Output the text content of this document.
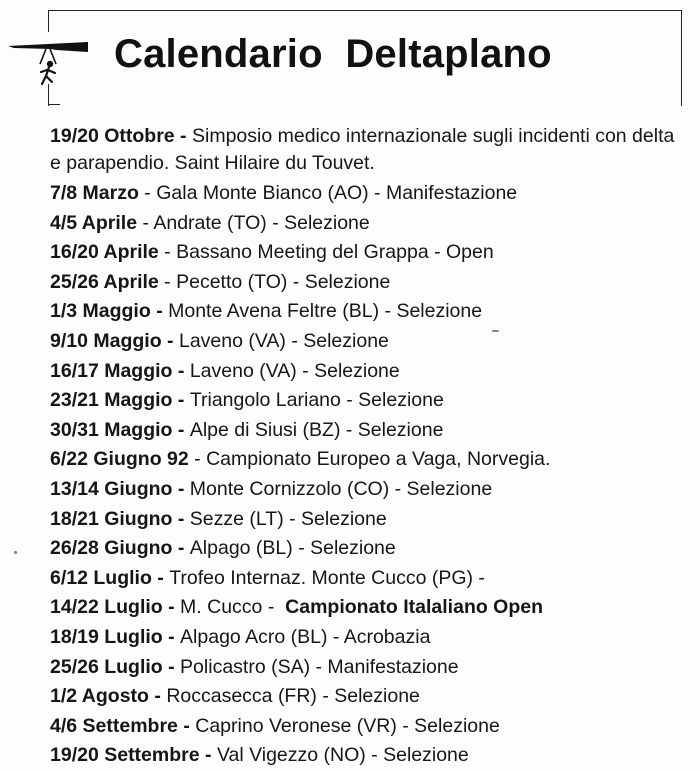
Calendario  Deltaplano
19/20 Ottobre - Simposio medico internazionale sugli incidenti con delta e parapendio. Saint Hilaire du Touvet.
7/8 Marzo - Gala Monte Bianco (AO) - Manifestazione
4/5 Aprile - Andrate (TO) - Selezione
16/20 Aprile - Bassano Meeting del Grappa - Open
25/26 Aprile - Pecetto (TO) - Selezione
1/3 Maggio - Monte Avena Feltre (BL) - Selezione
9/10 Maggio - Laveno (VA) - Selezione
16/17 Maggio - Laveno (VA) - Selezione
23/21 Maggio - Triangolo Lariano - Selezione
30/31 Maggio - Alpe di Siusi (BZ) - Selezione
6/22 Giugno 92 - Campionato Europeo a Vaga, Norvegia.
13/14 Giugno - Monte Cornizzolo (CO) - Selezione
18/21 Giugno - Sezze (LT) - Selezione
26/28 Giugno - Alpago (BL) - Selezione
6/12 Luglio - Trofeo Internaz. Monte Cucco (PG) -
14/22 Luglio - M. Cucco - Campionato Italaliano Open
18/19 Luglio - Alpago Acro (BL) - Acrobazia
25/26 Luglio - Policastro (SA) - Manifestazione
1/2 Agosto - Roccasecca (FR) - Selezione
4/6 Settembre - Caprino Veronese (VR) - Selezione
19/20 Settembre - Val Vigezzo (NO) - Selezione
